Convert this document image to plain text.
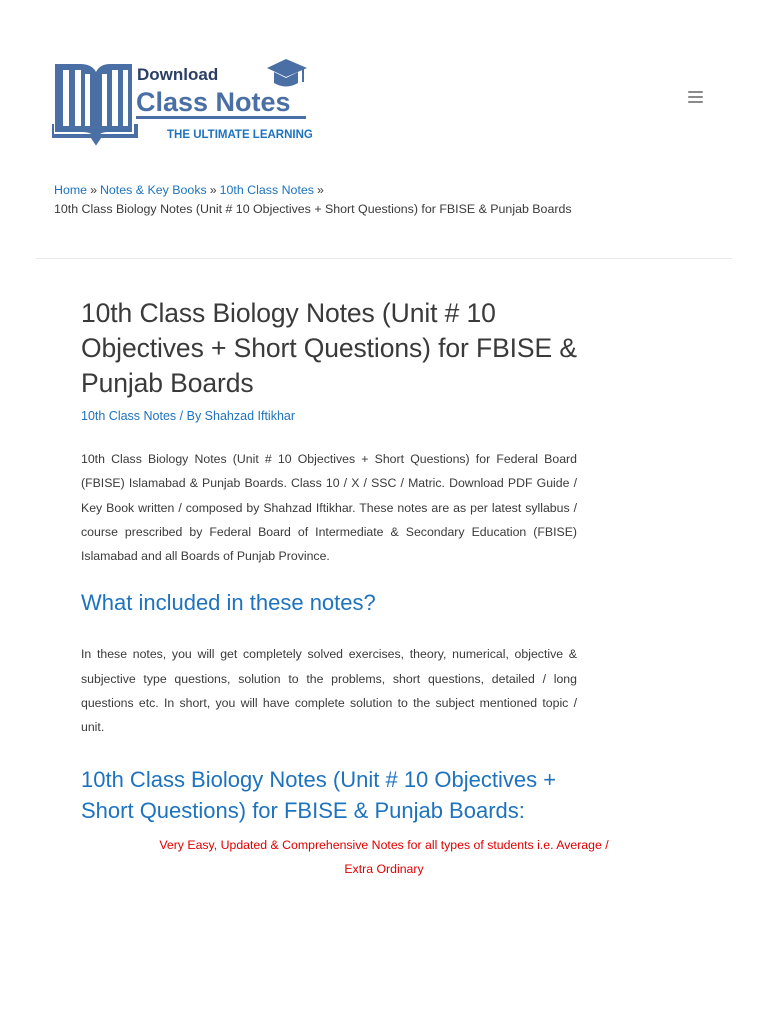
Download
Class Notes
THE ULTIMATE LEARNING
Home » Notes & Key Books » 10th Class Notes »
10th Class Biology Notes (Unit # 10 Objectives + Short Questions) for FBISE & Punjab Boards
10th Class Biology Notes (Unit # 10 Objectives + Short Questions) for FBISE & Punjab Boards
10th Class Notes / By Shahzad Iftikhar

10th Class Biology Notes (Unit # 10 Objectives + Short Questions) for Federal Board (FBISE) Islamabad & Punjab Boards. Class 10 / X / SSC / Matric. Download PDF Guide / Key Book written / composed by Shahzad Iftikhar. These notes are as per latest syllabus / course prescribed by Federal Board of Intermediate & Secondary Education (FBISE) Islamabad and all Boards of Punjab Province.

What included in these notes?

In these notes, you will get completely solved exercises, theory, numerical, objective & subjective type questions, solution to the problems, short questions, detailed / long questions etc. In short, you will have complete solution to the subject mentioned topic / unit.

10th Class Biology Notes (Unit # 10 Objectives + Short Questions) for FBISE & Punjab Boards:
Very Easy, Updated & Comprehensive Notes for all types of students i.e. Average /
Extra Ordinary
